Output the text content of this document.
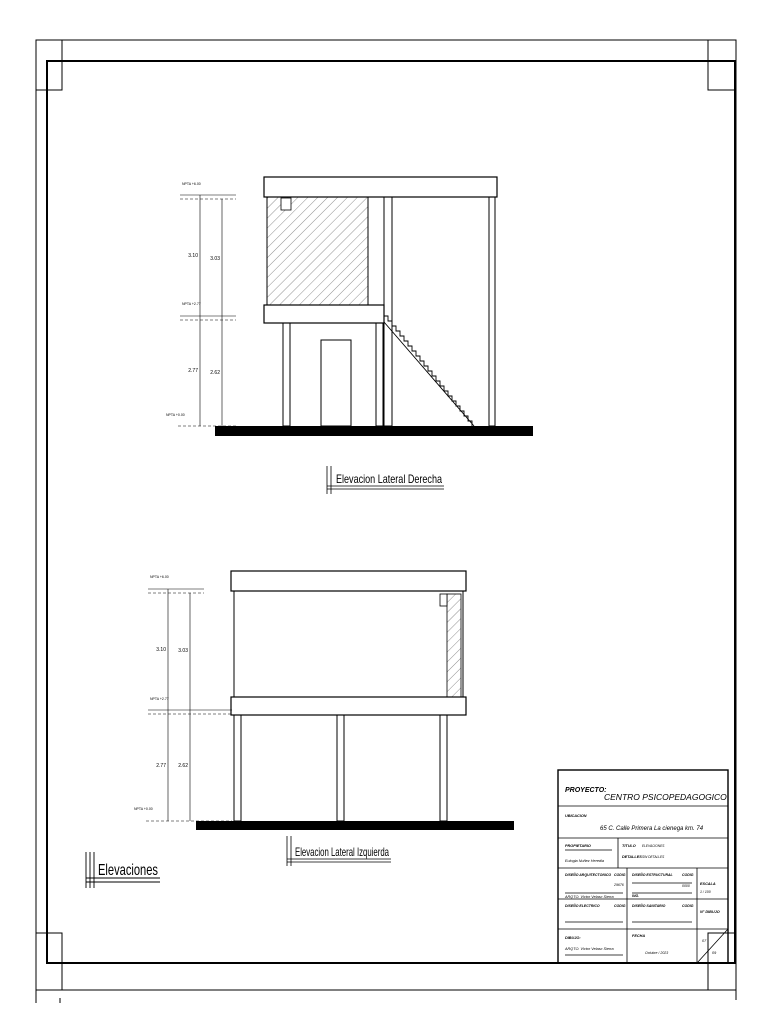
3.10 3.03
2.77 2.62
NPTA +6.00
NPTA +2.77
NPTA +0.00
Elevacion Lateral Derecha
3.10 3.03
2.77 2.62
NPTA +6.00
NPTA +2.77
NPTA +0.00
Elevacion Lateral Izquierda
Elevaciones
PROYECTO:
CENTRO PSICOPEDAGOGICO
UBICACION
65 C. Calle Primera La cienega km. 74
PROPIETARIO
Eulogia Nuñez Heredia
TITULO ELEVACIONES
DETALLES SIN DETALLES
DISEÑO ARQUITECTONICO CODIG
29676
ARQTO. Victor Velasc Sierra
DISEÑO ESTRUCTURAL	CODIG
0000
ING.
ESCALA
1 / 100
DISEÑO ELECTRICO	CODIG DISEÑO SANITARIO	CODIG
N° DIBUJO
DIBUJO:
ARQTO. Victor Velasc Sierra
FECHA
Octubre / 2023
07
09
